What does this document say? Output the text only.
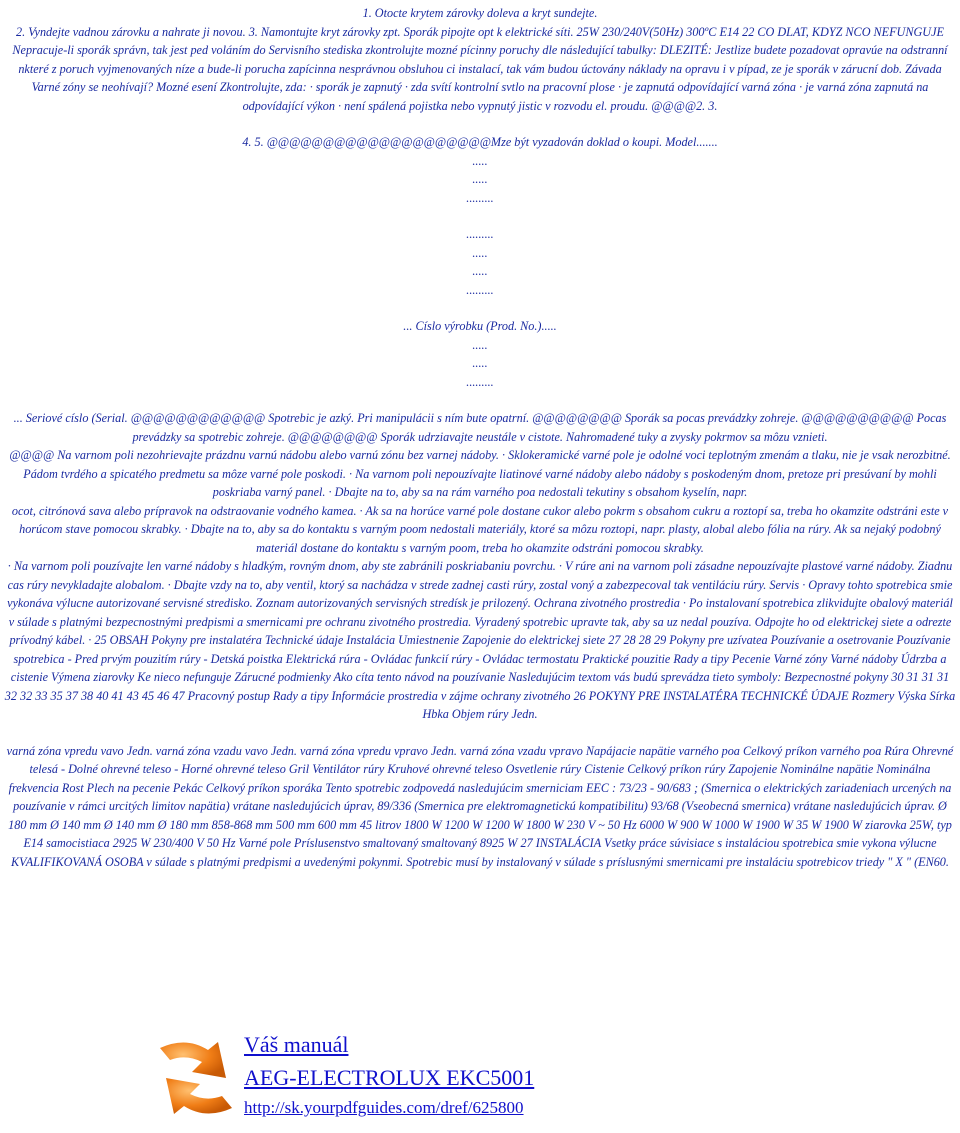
1. Otocte krytem zárovky doleva a kryt sundejte.

2. Vyndejte vadnou zárovku a nahrate ji novou. 3. Namontujte kryt zárovky zpt. Sporák pipojte opt k elektrické síti. 25W 230/240V(50Hz) 300ºC E14 22 CO DLAT, KDYZ NCO NEFUNGUJE Nepracuje-li sporák správn, tak jest ped voláním do Servisního stediska zkontrolujte mozné pícinny poruchy dle následující tabulky: DLEZITÉ: Jestlize budete pozadovat opravúe na odstranní nkteré z poruch vyjmenovaných níze a bude-li porucha zapícinna nesprávnou obsluhou ci instalací, tak vám budou úctovány náklady na opravu i v pípad, ze je sporák v zárucní dob. Závada Varné zóny se neohívají? Mozné esení Zkontrolujte, zda: · sporák je zapnutý · zda svítí kontrolní svtlo na pracovní plose · je zapnutá odpovídající varná zóna · je varná zóna zapnutá na odpovídající výkon · není spálená pojistka nebo vypnutý jistic v rozvodu el. proudu. @@@@2. 3.

4. 5. @@@@@@@@@@@@@@@@@@@@Mze být vyzadován doklad o koupi. Model.......

.....

.....

.........

.........

.....

.....

.........

... Císlo výrobku (Prod. No.).....

.....

.....

.........

... Seriové císlo (Serial. @@@@@@@@@@@@ Spotrebic je azký. Pri manipulácii s ním bute opatrní. @@@@@@@@ Sporák sa pocas prevádzky zohreje. @@@@@@@@@@ Pocas prevádzky sa spotrebic zohreje. @@@@@@@@ Sporák udrziavajte neustále v cistote. Nahromadené tuky a zvysky pokrmov sa môzu vznieti.

@@@@ Na varnom poli nezohrievajte prázdnu varnú nádobu alebo varnú zónu bez varnej nádoby. · Sklokeramické varné pole je odolné voci teplotným zmenám a tlaku, nie je vsak nerozbitné. Pádom tvrdého a spicatého predmetu sa môze varné pole poskodi. · Na varnom poli nepouzívajte liatinové varné nádoby alebo nádoby s poskodeným dnom, pretoze pri presúvaní by mohli poskriaba varný panel. · Dbajte na to, aby sa na rám varného poa nedostali tekutiny s obsahom kyselín, napr.

ocot, citrónová sava alebo prípravok na odstraovanie vodného kamea. · Ak sa na horúce varné pole dostane cukor alebo pokrm s obsahom cukru a roztopí sa, treba ho okamzite odstráni este v horúcom stave pomocou skrabky. · Dbajte na to, aby sa do kontaktu s varným poom nedostali materiály, ktoré sa môzu roztopi, napr. plasty, alobal alebo fólia na rúry. Ak sa nejaký podobný materiál dostane do kontaktu s varným poom, treba ho okamzite odstráni pomocou skrabky.

· Na varnom poli pouzívajte len varné nádoby s hladkým, rovným dnom, aby ste zabránili poskriabaniu povrchu. · V rúre ani na varnom poli zásadne nepouzívajte plastové varné nádoby. Ziadnu cas rúry nevykladajte alobalom. · Dbajte vzdy na to, aby ventil, ktorý sa nachádza v strede zadnej casti rúry, zostal voný a zabezpecoval tak ventiláciu rúry. Servis · Opravy tohto spotrebica smie vykonáva výlucne autorizované servisné stredisko. Zoznam autorizovaných servisných stredísk je prilozený. Ochrana zivotného prostredia · Po instalovaní spotrebica zlikvidujte obalový materiál v súlade s platnými bezpecnostnými predpismi a smernicami pre ochranu zivotného prostredia. Vyradený spotrebic upravte tak, aby sa uz nedal pouzíva. Odpojte ho od elektrickej siete a odrezte prívodný kábel. · 25 OBSAH Pokyny pre instalatéra Technické údaje Instalácia Umiestnenie Zapojenie do elektrickej siete 27 28 28 29 Pokyny pre uzívatea Pouzívanie a osetrovanie Pouzívanie spotrebica - Pred prvým pouzitím rúry - Detská poistka Elektrická rúra - Ovládac funkcií rúry - Ovládac termostatu Praktické pouzitie Rady a tipy Pecenie Varné zóny Varné nádoby Údrzba a cistenie Výmena ziarovky Ke nieco nefunguje Zárucné podmienky Ako cíta tento návod na pouzívanie Nasledujúcim textom vás budú sprevádza tieto symboly: Bezpecnostné pokyny 30 31 31 31 32 32 33 35 37 38 40 41 43 45 46 47 Pracovný postup Rady a tipy Informácie prostredia v zájme ochrany zivotného 26 POKYNY PRE INSTALATÉRA TECHNICKÉ ÚDAJE Rozmery Výska Sírka Hbka Objem rúry Jedn.

varná zóna vpredu vavo Jedn. varná zóna vzadu vavo Jedn. varná zóna vpredu vpravo Jedn. varná zóna vzadu vpravo Napájacie napätie varného poa Celkový príkon varného poa Rúra Ohrevné telesá - Dolné ohrevné teleso - Horné ohrevné teleso Gril Ventilátor rúry Kruhové ohrevné teleso Osvetlenie rúry Cistenie Celkový príkon rúry Zapojenie Nominálne napätie Nominálna frekvencia Rost Plech na pecenie Pekác Celkový príkon sporáka Tento spotrebic zodpovedá nasledujúcim smerniciam EEC : 73/23 - 90/683 ; (Smernica o elektrických zariadeniach urcených na pouzívanie v rámci urcitých limitov napätia) vrátane nasledujúcich úprav, 89/336 (Smernica pre elektromagnetickú kompatibilitu) 93/68 (Vseobecná smernica) vrátane nasledujúcich úprav. Ø 180 mm Ø 140 mm Ø 140 mm Ø 180 mm 858-868 mm 500 mm 600 mm 45 litrov 1800 W 1200 W 1200 W 1800 W 230 V ~ 50 Hz 6000 W 900 W 1000 W 1900 W 35 W 1900 W ziarovka 25W, typ E14 samocistiaca 2925 W 230/400 V 50 Hz Varné pole Príslusenstvo smaltovaný smaltovaný 8925 W 27 INSTALÁCIA Vsetky práce súvisiace s instaláciou spotrebica smie vykona výlucne KVALIFIKOVANÁ OSOBA v súlade s platnými predpismi a uvedenými pokynmi. Spotrebic musí by instalovaný v súlade s príslusnými smernicami pre instaláciu spotrebicov triedy " X " (EN60.

Váš manuál
AEG-ELECTROLUX EKC5001
http://sk.yourpdfguides.com/dref/625800
